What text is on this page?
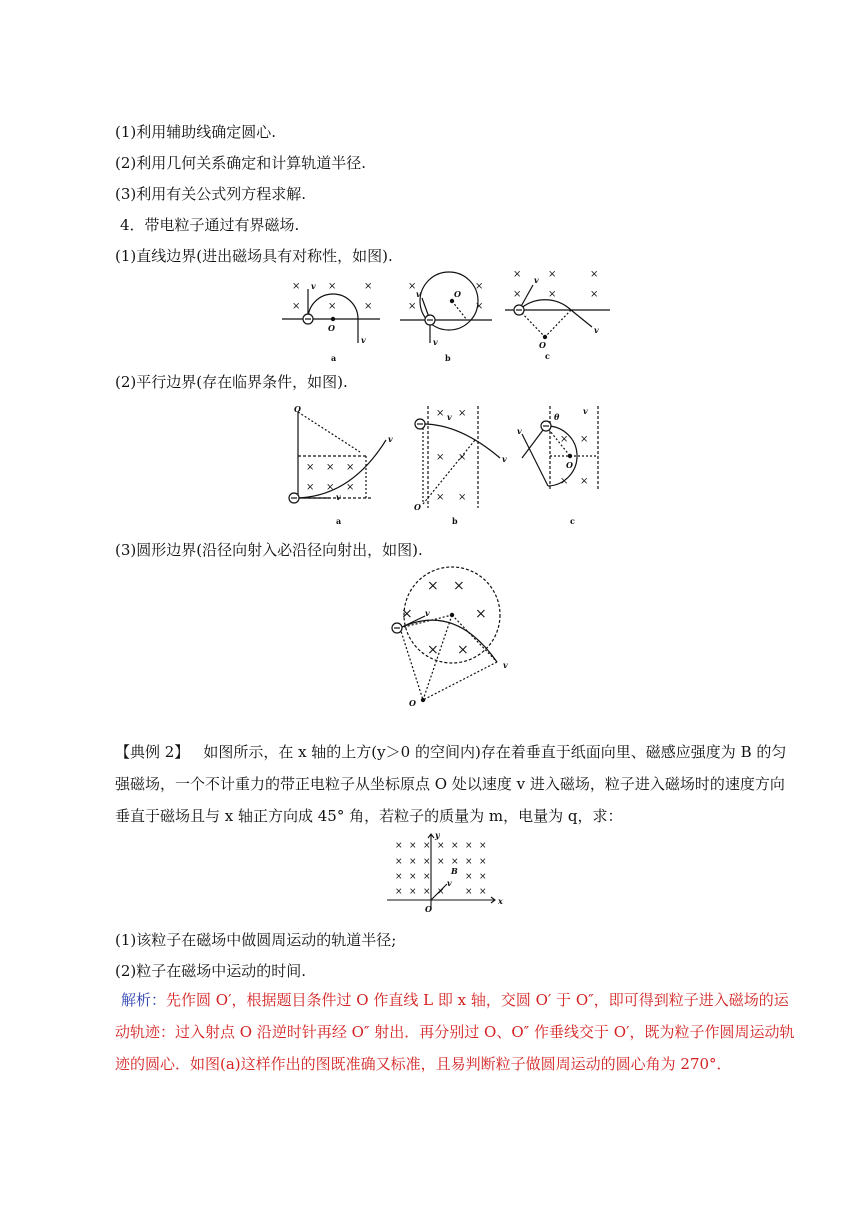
(1)利用辅助线确定圆心.
(2)利用几何关系确定和计算轨道半径.
(3)利用有关公式列方程求解.
4．带电粒子通过有界磁场.
(1)直线边界(进出磁场具有对称性，如图).
×	×	×
×	×	×
×	×
×	×
×	×	×
×	×	×
v
v
O
v
v
O
v
v
O
a	b	c
(2)平行边界(存在临界条件，如图).
× × ×
× × ×
× ×
× ×
× ×
× ×
× ×
O
v
v
v
v
O
v
θ
v
O
a	b	c
(3)圆形边界(沿径向射入必沿径向射出，如图).
× ×
×	×
× ×
v
v
O
【典例 2】 如图所示，在 x 轴的上方(y＞0 的空间内)存在着垂直于纸面向里、磁感应强度为 B 的匀强磁场，一个不计重力的带正电粒子从坐标原点 O 处以速度 v 进入磁场，粒子进入磁场时的速度方向垂直于磁场且与 x 轴正方向成 45° 角，若粒子的质量为 m，电量为 q，求：
× × × × × × ×
× × × × × × ×
× × ×	× ×
× × × × × ×
B
v
O
x
y
(1)该粒子在磁场中做圆周运动的轨道半径;
(2)粒子在磁场中运动的时间.
解析：先作圆 O′，根据题目条件过 O 作直线 L 即 x 轴，交圆 O′ 于 O″，即可得到粒子进入磁场的运动轨迹：过入射点 O 沿逆时针再经 O″ 射出．再分别过 O、O″ 作垂线交于 O′，既为粒子作圆周运动轨迹的圆心．如图(a)这样作出的图既准确又标准，且易判断粒子做圆周运动的圆心角为 270°．
